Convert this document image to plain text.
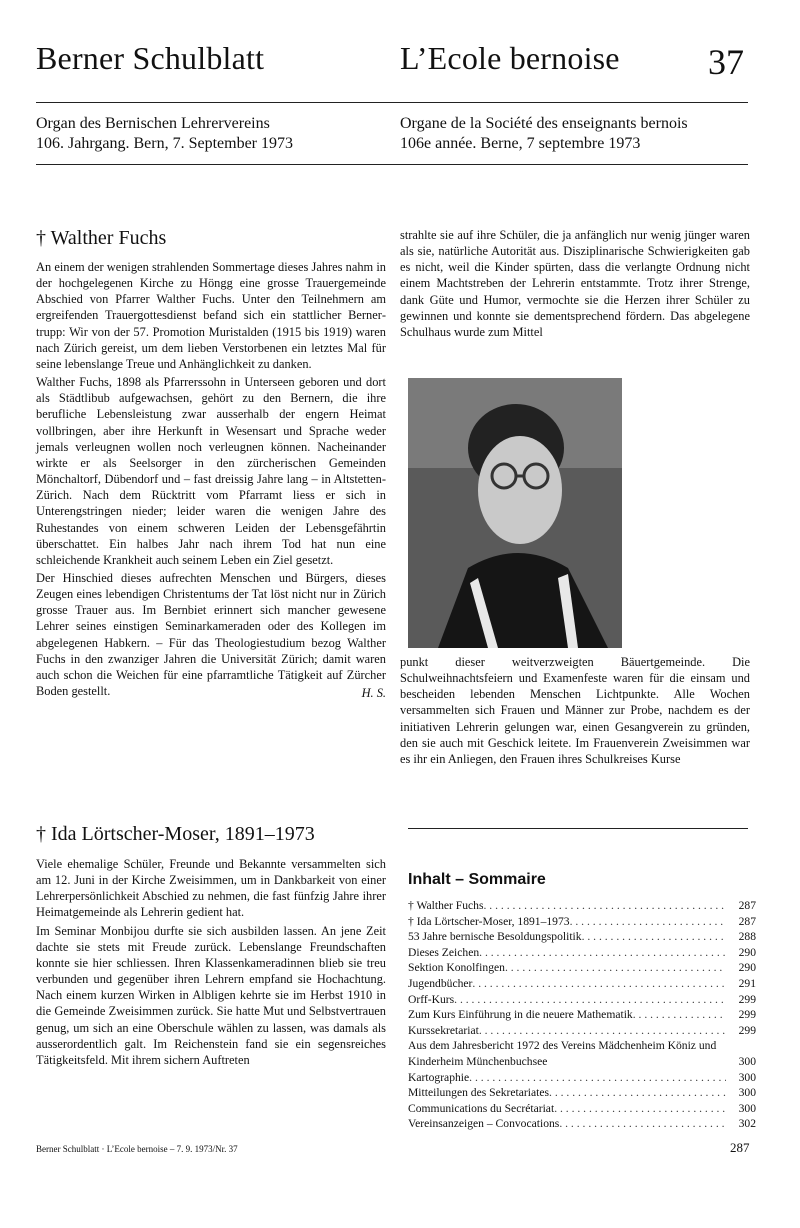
Berner Schulblatt	L’Ecole bernoise 37
Organ des Bernischen Lehrervereins
106. Jahrgang. Bern, 7. September 1973
Organe de la Société des enseignants bernois
106e année. Berne, 7 septembre 1973
† Walther Fuchs

An einem der wenigen strahlenden Sommertage dieses Jahres nahm in der hochgelegenen Kirche zu Höngg eine grosse Trauergemeinde Abschied von Pfarrer Walther Fuchs. Unter den Teilnehmern am ergreifenden Trauergottesdienst befand sich ein stattlicher Bernertrupp: Wir von der 57. Promotion Muristalden (1915 bis 1919) waren nach Zürich gereist, um dem lieben Verstorbenen ein letztes Mal für seine lebenslange Treue und Anhänglichkeit zu danken.

Walther Fuchs, 1898 als Pfarrerssohn in Unterseen geboren und dort als Städtlibub aufgewachsen, gehört zu den Bernern, die ihre berufliche Lebensleistung zwar ausserhalb der engern Heimat vollbringen, aber ihre Herkunft in Wesensart und Sprache weder jemals verleugnen wollen noch verleugnen können. Nacheinander wirkte er als Seelsorger in den zürcherischen Gemeinden Mönchaltorf, Dübendorf und – fast dreissig Jahre lang – in Altstetten-Zürich. Nach dem Rücktritt vom Pfarramt liess er sich in Unterengstringen nieder; leider waren die wenigen Jahre des Ruhestandes von einem schweren Leiden der Lebensgefährtin überschattet. Ein halbes Jahr nach ihrem Tod hat nun eine schleichende Krankheit auch seinem Leben ein Ziel gesetzt.

Der Hinschied dieses aufrechten Menschen und Bürgers, dieses Zeugen eines lebendigen Christentums der Tat löst nicht nur in Zürich grosse Trauer aus. Im Bernbiet erinnert sich mancher gewesene Lehrer seines einstigen Seminarkameraden oder des Kollegen im abgelegenen Habkern. – Für das Theologiestudium bezog Walther Fuchs in den zwanziger Jahren die Universität Zürich; damit waren auch schon die Weichen für eine pfarramtliche Tätigkeit auf Zürcher Boden gestellt.	H. S.

strahlte sie auf ihre Schüler, die ja anfänglich nur wenig jünger waren als sie, natürliche Autorität aus. Disziplinarische Schwierigkeiten gab es nicht, weil die Kinder spürten, dass die verlangte Ordnung nicht einem Machtstreben der Lehrerin entstammte. Trotz ihrer Strenge, dank Güte und Humor, vermochte sie die Herzen ihrer Schüler zu gewinnen und konnte sie dementsprechend fördern. Das abgelegene Schulhaus wurde zum Mittel

punkt dieser weitverzweigten Bäuertgemeinde. Die Schulweihnachtsfeiern und Examenfeste waren für die einsam und bescheiden lebenden Menschen Lichtpunkte. Alle Wochen versammelten sich Frauen und Männer zur Probe, nachdem es der initiativen Lehrerin gelungen war, einen Gesangverein zu gründen, den sie auch mit Geschick leitete. Im Frauenverein Zweisimmen war es ihr ein Anliegen, den Frauen ihres Schulkreises Kurse

† Ida Lörtscher-Moser, 1891–1973

Viele ehemalige Schüler, Freunde und Bekannte versammelten sich am 12. Juni in der Kirche Zweisimmen, um in Dankbarkeit von einer Lehrerpersönlichkeit Abschied zu nehmen, die fast fünfzig Jahre ihrer Heimatgemeinde als Lehrerin gedient hat.

Im Seminar Monbijou durfte sie sich ausbilden lassen. An jene Zeit dachte sie stets mit Freude zurück. Lebenslange Freundschaften konnte sie hier schliessen. Ihren Klassenkameradinnen blieb sie treu verbunden und gegenüber ihren Lehrern empfand sie Hochachtung. Nach einem kurzen Wirken in Albligen kehrte sie im Herbst 1910 in die Gemeinde Zweisimmen zurück. Sie hatte Mut und Selbstvertrauen genug, um sich an eine Oberschule wählen zu lassen, was damals als ausserordentlich galt. Im Reichenstein fand sie ein segensreiches Tätigkeitsfeld. Mit ihrem sichern Auftreten

Inhalt – Sommaire
† Walther Fuchs . . .	287
† Ida Lörtscher-Moser, 1891–1973 . . .	287
53 Jahre bernische Besoldungspolitik . . .	288
Dieses Zeichen . . .	290
Sektion Konolfingen . . .	290
Jugendbücher . . .	291
Orff-Kurs . . .	299
Zum Kurs Einführung in die neuere Mathematik . . .	299
Kurssekretariat . . .	299
Aus dem Jahresbericht 1972 des Vereins Mädchenheim Köniz und Kinderheim Münchenbuchsee	300
Kartographie . . .	300
Mitteilungen des Sekretariates . . .	300
Communications du Secrétariat . . .	300
Vereinsanzeigen – Convocations . . .	302
Berner Schulblatt · L’Ecole bernoise – 7. 9. 1973/Nr. 37	287
